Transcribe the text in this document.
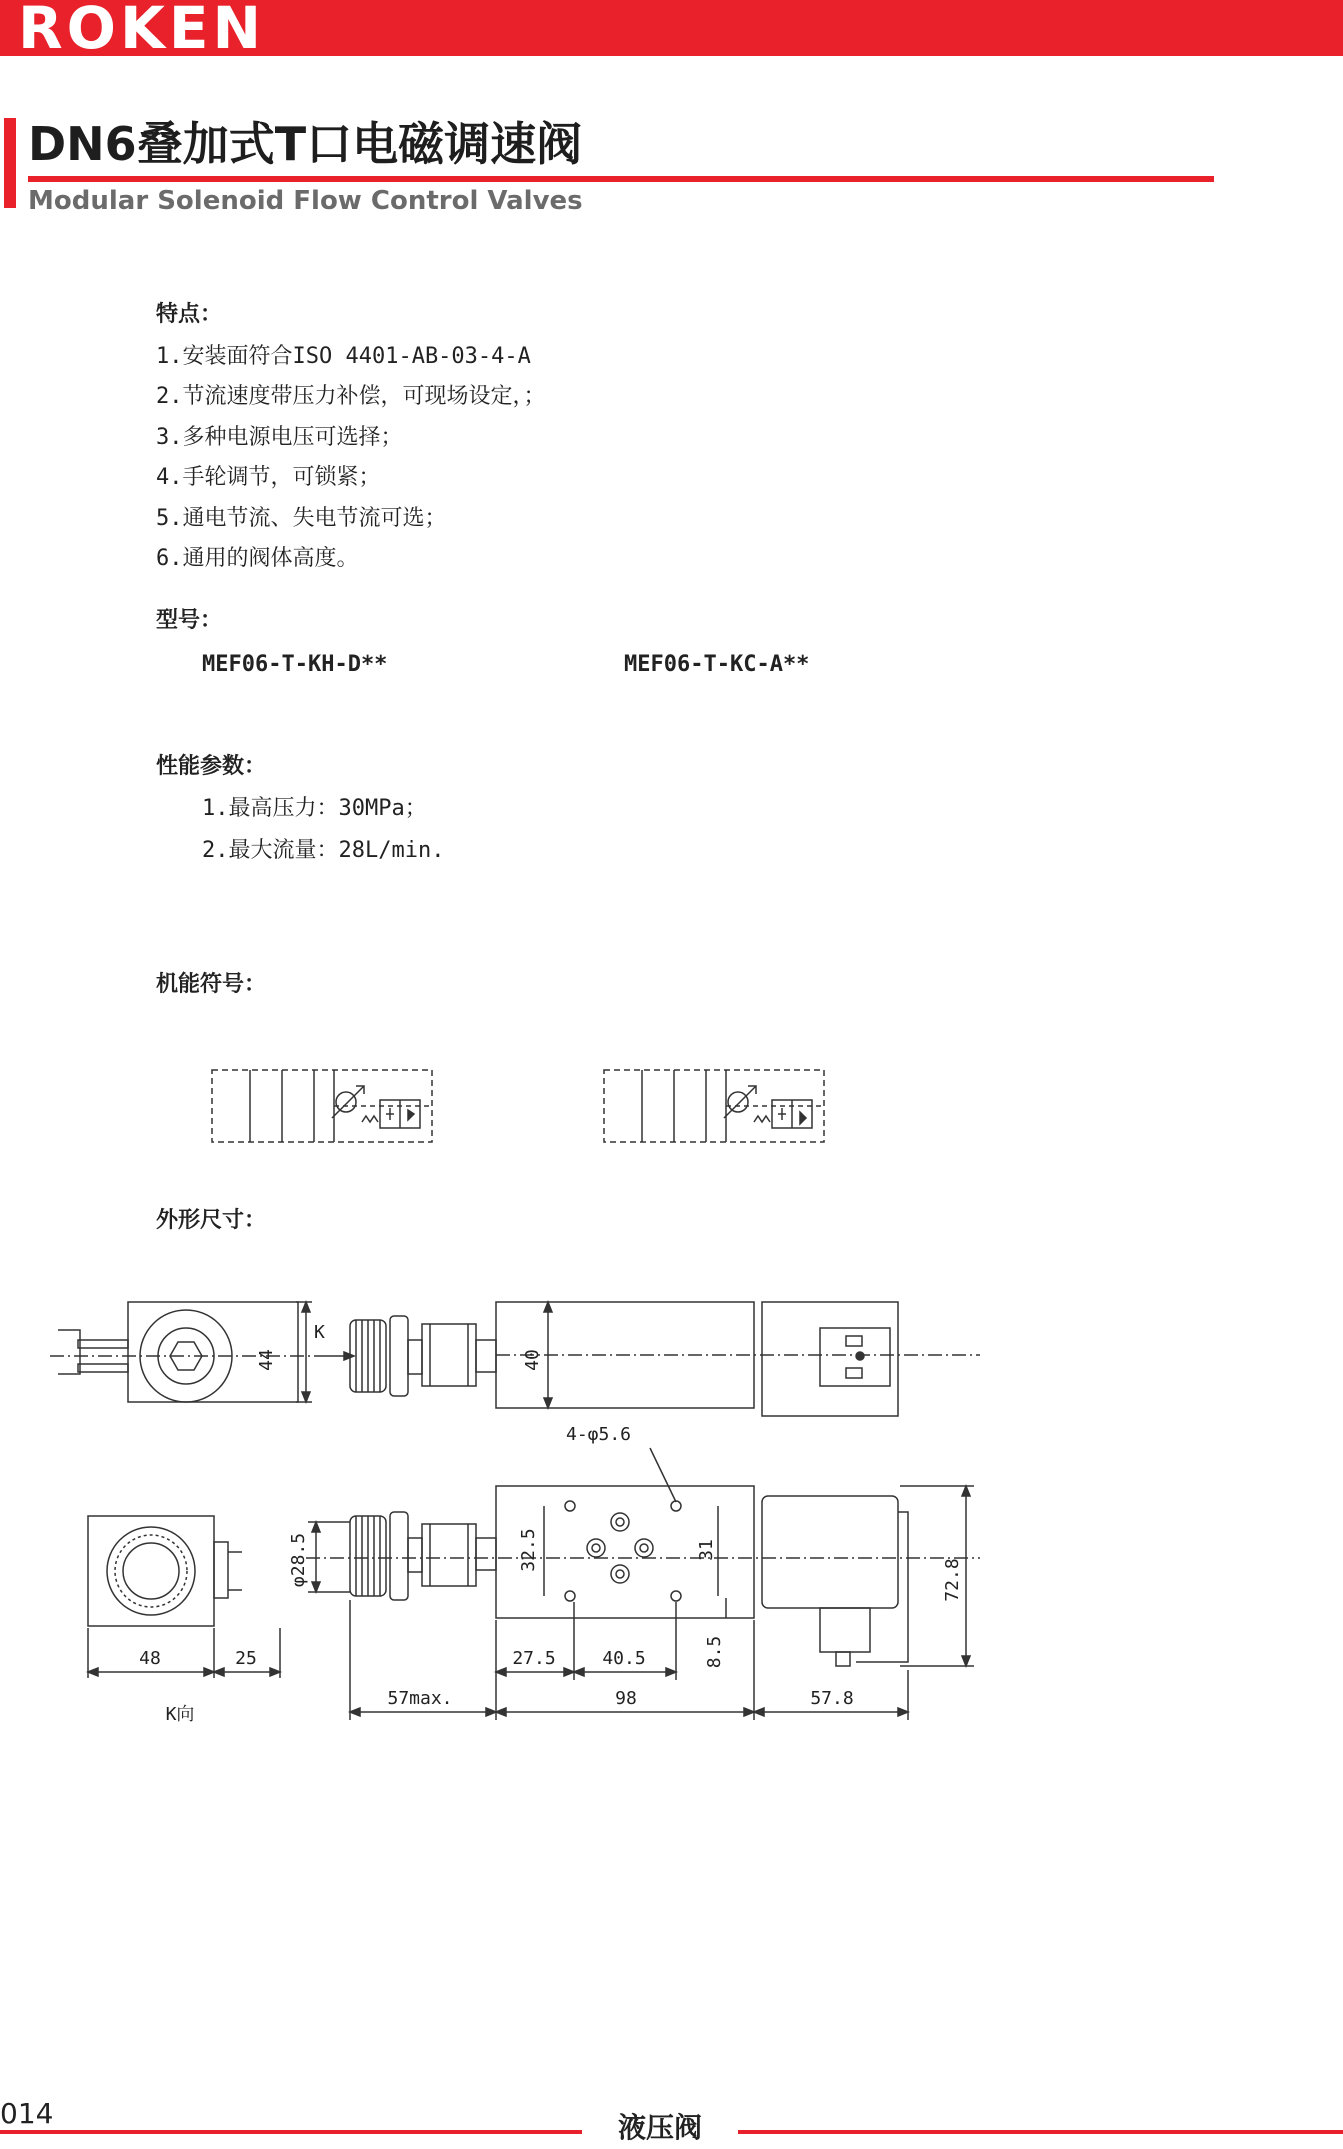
ROKEN
DN6叠加式T口电磁调速阀
Modular Solenoid Flow Control Valves
特点：
1.安装面符合ISO 4401-AB-03-4-A
2.节流速度带压力补偿，可现场设定，；
3.多种电源电压可选择；
4.手轮调节，可锁紧；
5.通电节流、失电节流可选；
6.通用的阀体高度。
型号：
MEF06-T-KH-D**	MEF06-T-KC-A**
性能参数：
1.最高压力：30MPa；
2.最大流量：28L/min.
机能符号：
外形尺寸：
44
K
40
4-φ5.6
φ28.5	32.5	31
72.8
48	25
K向
57max.
27.5	40.5	8.5
98	57.8
014	液压阀
